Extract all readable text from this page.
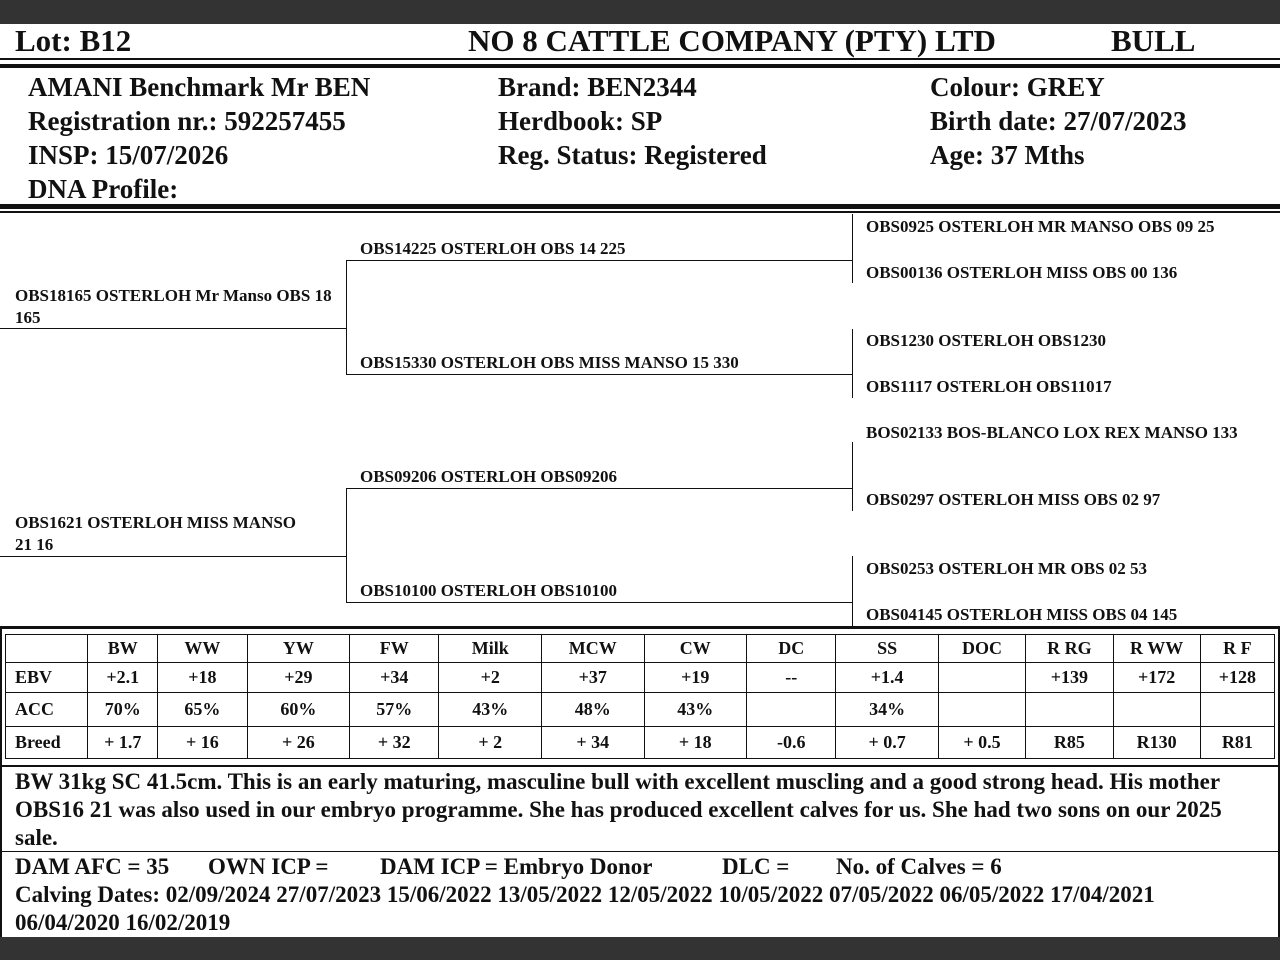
Lot: B12	NO 8 CATTLE COMPANY (PTY) LTD	BULL
AMANI Benchmark Mr BEN
Registration nr.: 592257455
INSP: 15/07/2026
DNA Profile:
Brand: BEN2344
Herdbook: SP
Reg. Status: Registered
Colour: GREY
Birth date: 27/07/2023
Age: 37 Mths
OBS18165 OSTERLOH Mr Manso OBS 18 165
OBS1621 OSTERLOH MISS MANSO 21 16
OBS14225 OSTERLOH OBS 14 225
OBS15330 OSTERLOH OBS MISS MANSO 15 330
OBS09206 OSTERLOH OBS09206
OBS10100 OSTERLOH OBS10100
OBS0925 OSTERLOH MR MANSO OBS 09 25
OBS00136 OSTERLOH MISS OBS 00 136
OBS1230 OSTERLOH OBS1230
OBS1117 OSTERLOH OBS11017
BOS02133 BOS-BLANCO LOX REX MANSO 133
OBS0297 OSTERLOH MISS OBS 02 97
OBS0253 OSTERLOH MR OBS 02 53
OBS04145 OSTERLOH MISS OBS 04 145
	BW	WW	YW	FW	Milk	MCW	CW	DC	SS	DOC	R RG	R WW	R F
EBV	+2.1	+18	+29	+34	+2	+37	+19	--	+1.4		+139	+172	+128
ACC	70%	65%	60%	57%	43%	48%	43%		34%				
Breed	+ 1.7	+ 16	+ 26	+ 32	+ 2	+ 34	+ 18	-0.6	+ 0.7	+ 0.5	R85	R130	R81
BW 31kg SC 41.5cm. This is an early maturing, masculine bull with excellent muscling and a good strong head. His mother OBS16 21 was also used in our embryo programme. She has produced excellent calves for us. She had two sons on our 2025 sale.
DAM AFC = 35 OWN ICP = DAM ICP = Embryo Donor	DLC = No. of Calves = 6
Calving Dates: 02/09/2024 27/07/2023 15/06/2022 13/05/2022 12/05/2022 10/05/2022 07/05/2022 06/05/2022 17/04/2021 06/04/2020 16/02/2019
